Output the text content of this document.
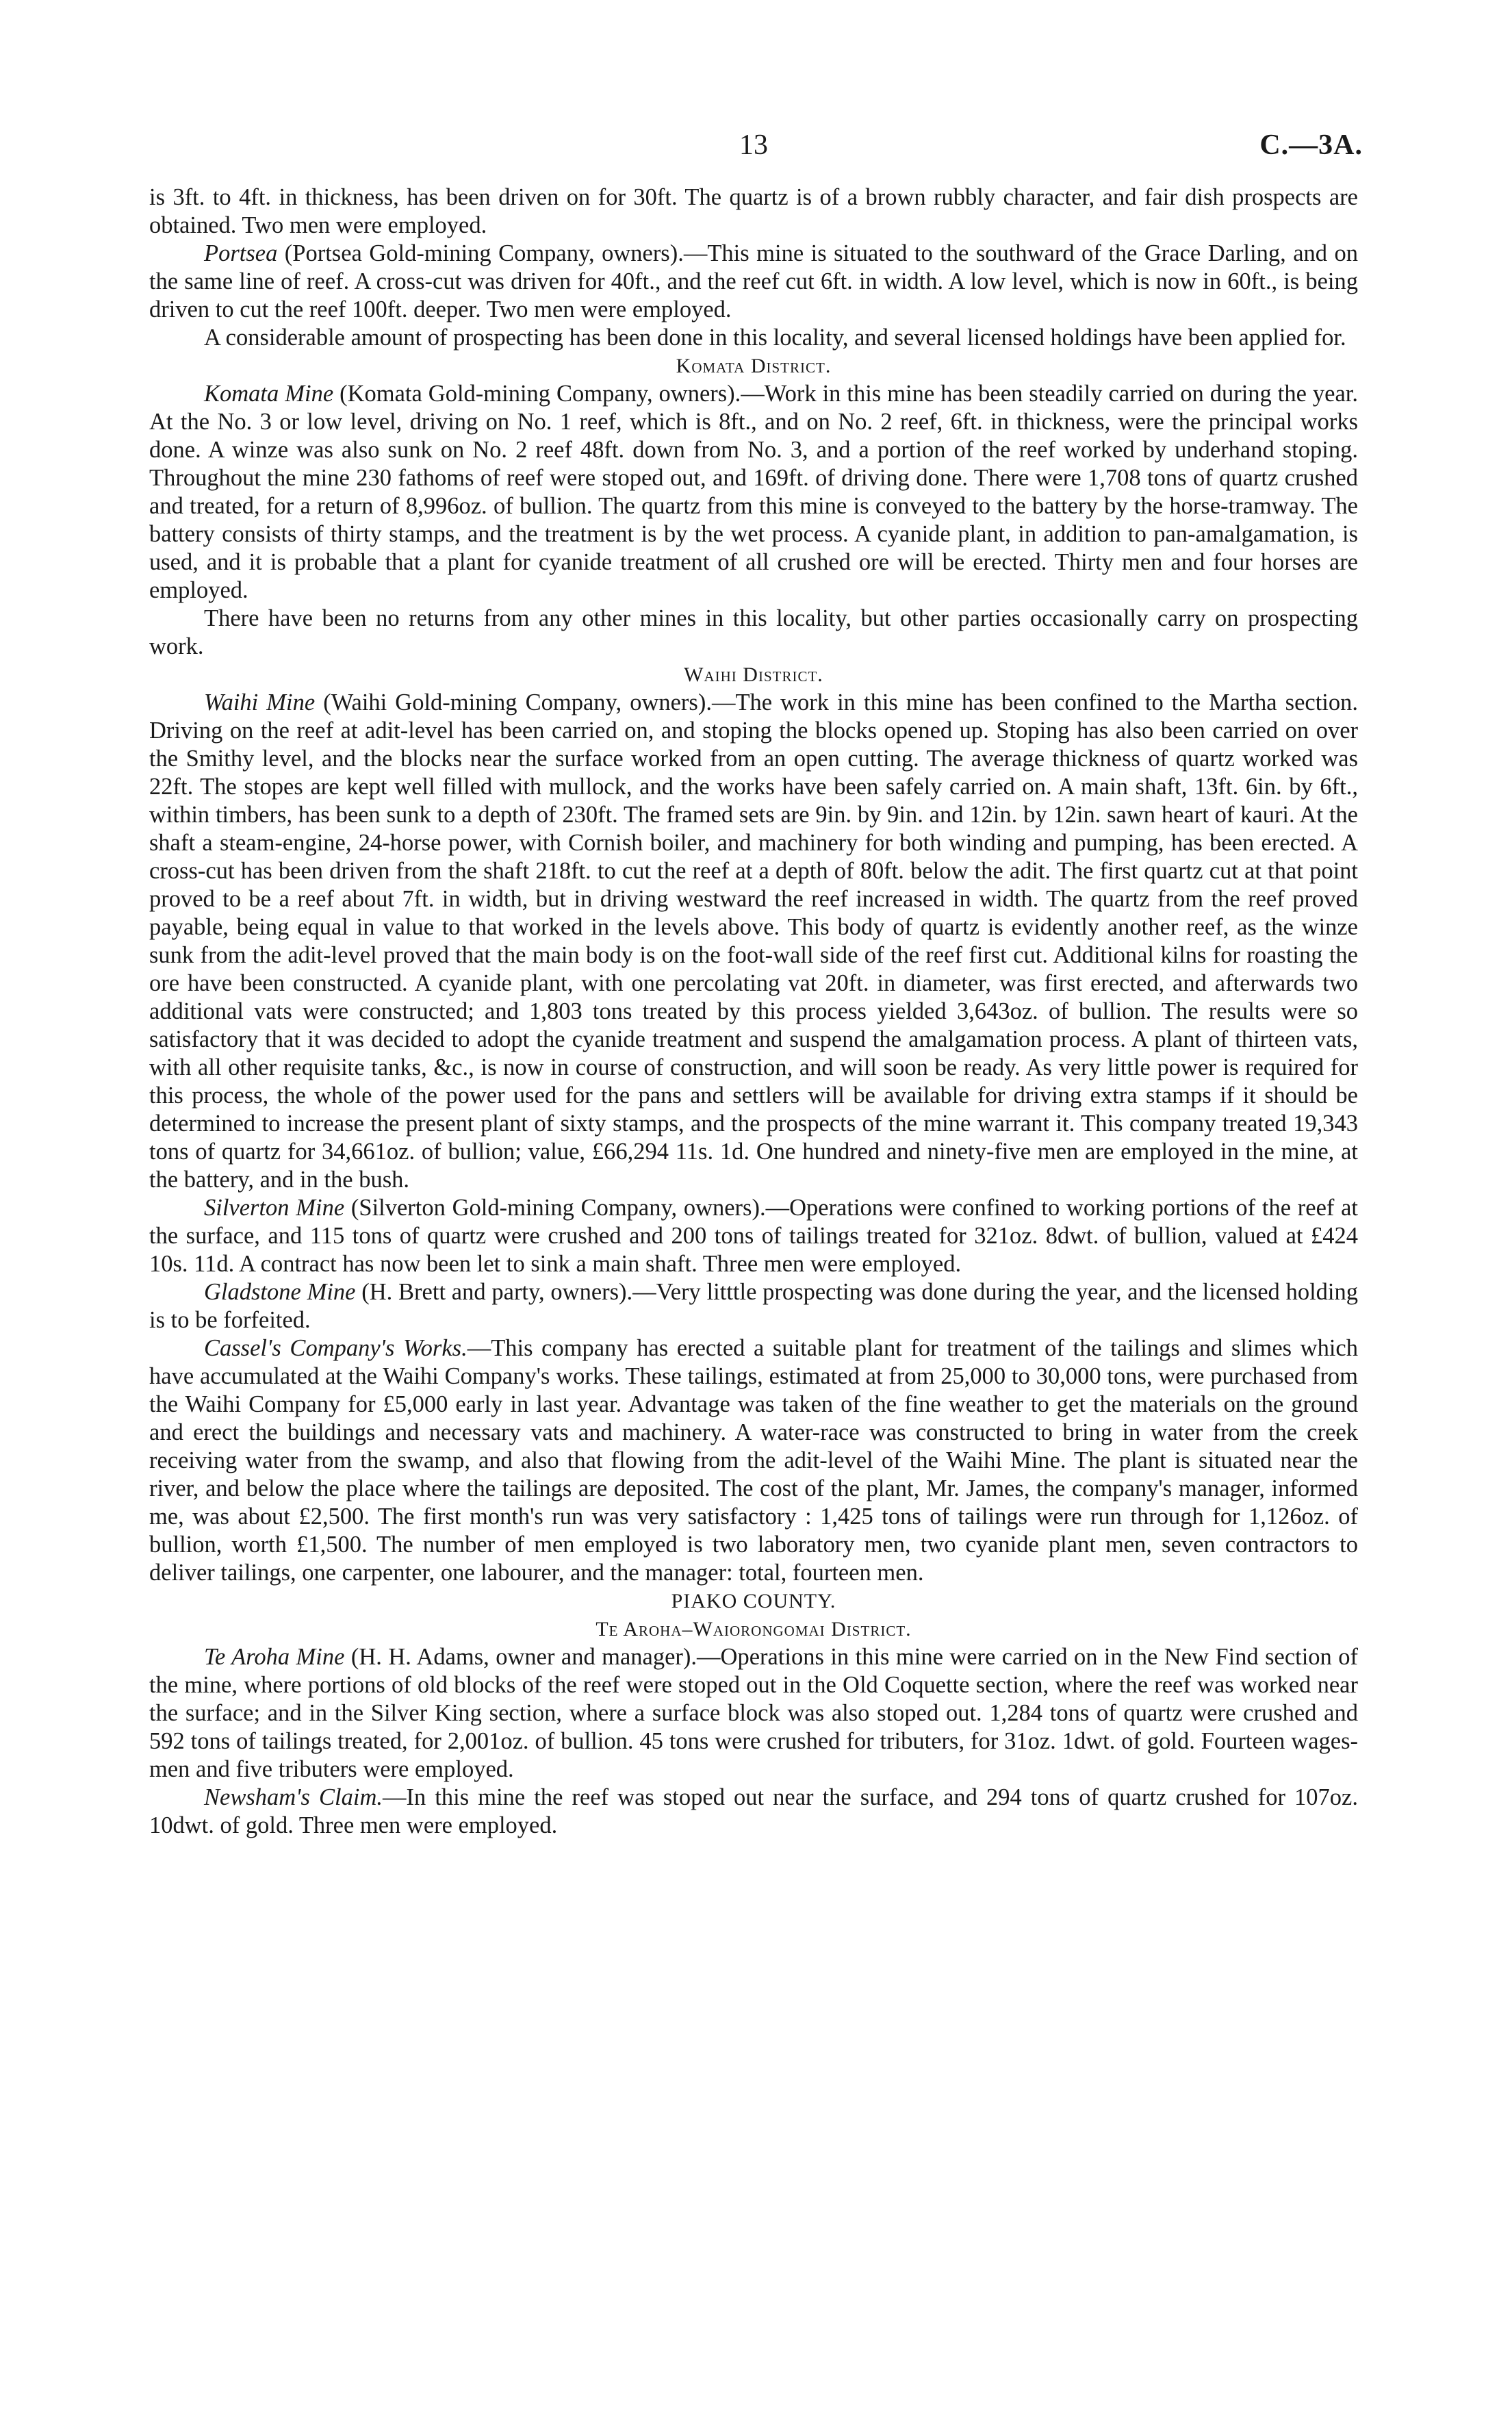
13	C.—3A.

is 3ft. to 4ft. in thickness, has been driven on for 30ft. The quartz is of a brown rubbly character, and fair dish prospects are obtained. Two men were employed.

Portsea (Portsea Gold-mining Company, owners).—This mine is situated to the southward of the Grace Darling, and on the same line of reef. A cross-cut was driven for 40ft., and the reef cut 6ft. in width. A low level, which is now in 60ft., is being driven to cut the reef 100ft. deeper. Two men were employed.

A considerable amount of prospecting has been done in this locality, and several licensed holdings have been applied for.

Komata District.

Komata Mine (Komata Gold-mining Company, owners).—Work in this mine has been steadily carried on during the year. At the No. 3 or low level, driving on No. 1 reef, which is 8ft., and on No. 2 reef, 6ft. in thickness, were the principal works done. A winze was also sunk on No. 2 reef 48ft. down from No. 3, and a portion of the reef worked by underhand stoping. Throughout the mine 230 fathoms of reef were stoped out, and 169ft. of driving done. There were 1,708 tons of quartz crushed and treated, for a return of 8,996oz. of bullion. The quartz from this mine is conveyed to the battery by the horse-tramway. The battery consists of thirty stamps, and the treatment is by the wet process. A cyanide plant, in addition to pan-amalgamation, is used, and it is probable that a plant for cyanide treatment of all crushed ore will be erected. Thirty men and four horses are employed.

There have been no returns from any other mines in this locality, but other parties occasionally carry on prospecting work.

Waihi District.

Waihi Mine (Waihi Gold-mining Company, owners).—The work in this mine has been confined to the Martha section. Driving on the reef at adit-level has been carried on, and stoping the blocks opened up. Stoping has also been carried on over the Smithy level, and the blocks near the surface worked from an open cutting. The average thickness of quartz worked was 22ft. The stopes are kept well filled with mullock, and the works have been safely carried on. A main shaft, 13ft. 6in. by 6ft., within timbers, has been sunk to a depth of 230ft. The framed sets are 9in. by 9in. and 12in. by 12in. sawn heart of kauri. At the shaft a steam-engine, 24-horse power, with Cornish boiler, and machinery for both winding and pumping, has been erected. A cross-cut has been driven from the shaft 218ft. to cut the reef at a depth of 80ft. below the adit. The first quartz cut at that point proved to be a reef about 7ft. in width, but in driving westward the reef increased in width. The quartz from the reef proved payable, being equal in value to that worked in the levels above. This body of quartz is evidently another reef, as the winze sunk from the adit-level proved that the main body is on the foot-wall side of the reef first cut. Additional kilns for roasting the ore have been constructed. A cyanide plant, with one percolating vat 20ft. in diameter, was first erected, and afterwards two additional vats were constructed; and 1,803 tons treated by this process yielded 3,643oz. of bullion. The results were so satisfactory that it was decided to adopt the cyanide treatment and suspend the amalgamation process. A plant of thirteen vats, with all other requisite tanks, &c., is now in course of construction, and will soon be ready. As very little power is required for this process, the whole of the power used for the pans and settlers will be available for driving extra stamps if it should be determined to increase the present plant of sixty stamps, and the prospects of the mine warrant it. This company treated 19,343 tons of quartz for 34,661oz. of bullion; value, £66,294 11s. 1d. One hundred and ninety-five men are employed in the mine, at the battery, and in the bush.

Silverton Mine (Silverton Gold-mining Company, owners).—Operations were confined to working portions of the reef at the surface, and 115 tons of quartz were crushed and 200 tons of tailings treated for 321oz. 8dwt. of bullion, valued at £424 10s. 11d. A contract has now been let to sink a main shaft. Three men were employed.

Gladstone Mine (H. Brett and party, owners).—Very litttle prospecting was done during the year, and the licensed holding is to be forfeited.

Cassel's Company's Works.—This company has erected a suitable plant for treatment of the tailings and slimes which have accumulated at the Waihi Company's works. These tailings, estimated at from 25,000 to 30,000 tons, were purchased from the Waihi Company for £5,000 early in last year. Advantage was taken of the fine weather to get the materials on the ground and erect the buildings and necessary vats and machinery. A water-race was constructed to bring in water from the creek receiving water from the swamp, and also that flowing from the adit-level of the Waihi Mine. The plant is situated near the river, and below the place where the tailings are deposited. The cost of the plant, Mr. James, the company's manager, informed me, was about £2,500. The first month's run was very satisfactory : 1,425 tons of tailings were run through for 1,126oz. of bullion, worth £1,500. The number of men employed is two laboratory men, two cyanide plant men, seven contractors to deliver tailings, one carpenter, one labourer, and the manager: total, fourteen men.

PIAKO COUNTY.

Te Aroha–Waiorongomai District.

Te Aroha Mine (H. H. Adams, owner and manager).—Operations in this mine were carried on in the New Find section of the mine, where portions of old blocks of the reef were stoped out in the Old Coquette section, where the reef was worked near the surface; and in the Silver King section, where a surface block was also stoped out. 1,284 tons of quartz were crushed and 592 tons of tailings treated, for 2,001oz. of bullion. 45 tons were crushed for tributers, for 31oz. 1dwt. of gold. Fourteen wages-men and five tributers were employed.

Newsham's Claim.—In this mine the reef was stoped out near the surface, and 294 tons of quartz crushed for 107oz. 10dwt. of gold. Three men were employed.
